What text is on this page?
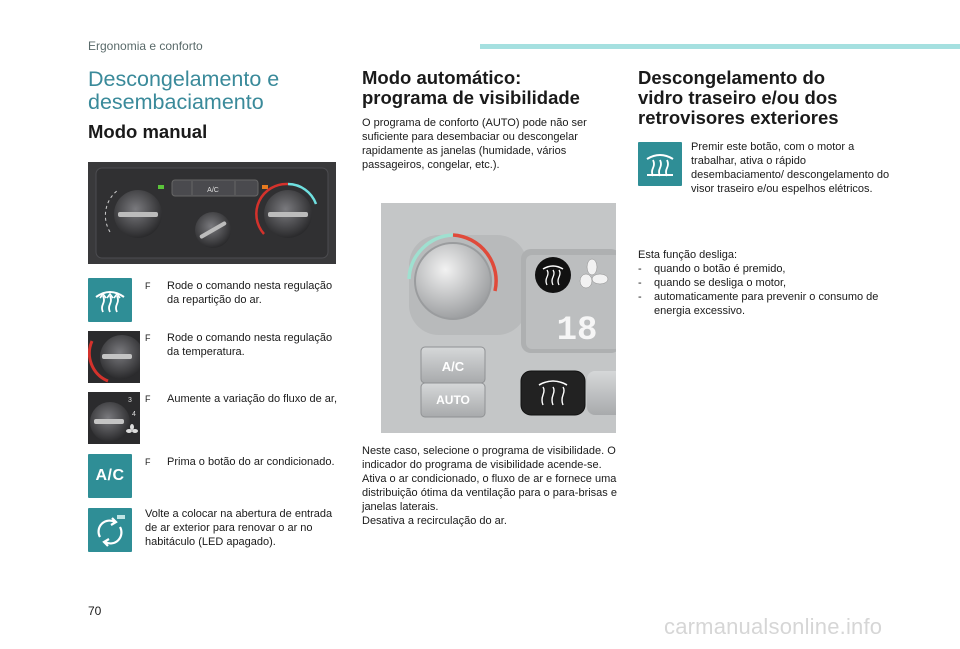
Ergonomia e conforto
Descongelamento e desembaciamento
Modo manual
A/C
F	Rode o comando nesta regulação da repartição do ar.
F	Rode o comando nesta regulação da temperatura.
3
4
F	Aumente a variação do fluxo de ar,
A/C
F	Prima o botão do ar condicionado.
Volte a colocar na abertura de entrada de ar exterior para renovar o ar no habitáculo (LED apagado).
Modo automático: programa de visibilidade
O programa de conforto (AUTO) pode não ser suficiente para desembaciar ou descongelar rapidamente as janelas (humidade, vários passageiros, congelar, etc.).
18
A/C
AUTO
Neste caso, selecione o programa de visibilidade. O indicador do programa de visibilidade acende-se.
Ativa o ar condicionado, o fluxo de ar e fornece uma distribuição ótima da ventilação para o para-brisas e janelas laterais.
Desativa a recirculação do ar.
Descongelamento do vidro traseiro e/ou dos retrovisores exteriores
Premir este botão, com o motor a trabalhar, ativa o rápido desembaciamento/ descongelamento do visor traseiro e/ou espelhos elétricos.
Esta função desliga:
- quando o botão é premido,
- quando se desliga o motor,
- automaticamente para prevenir o consumo de energia excessivo.
70
carmanualsonline.info
